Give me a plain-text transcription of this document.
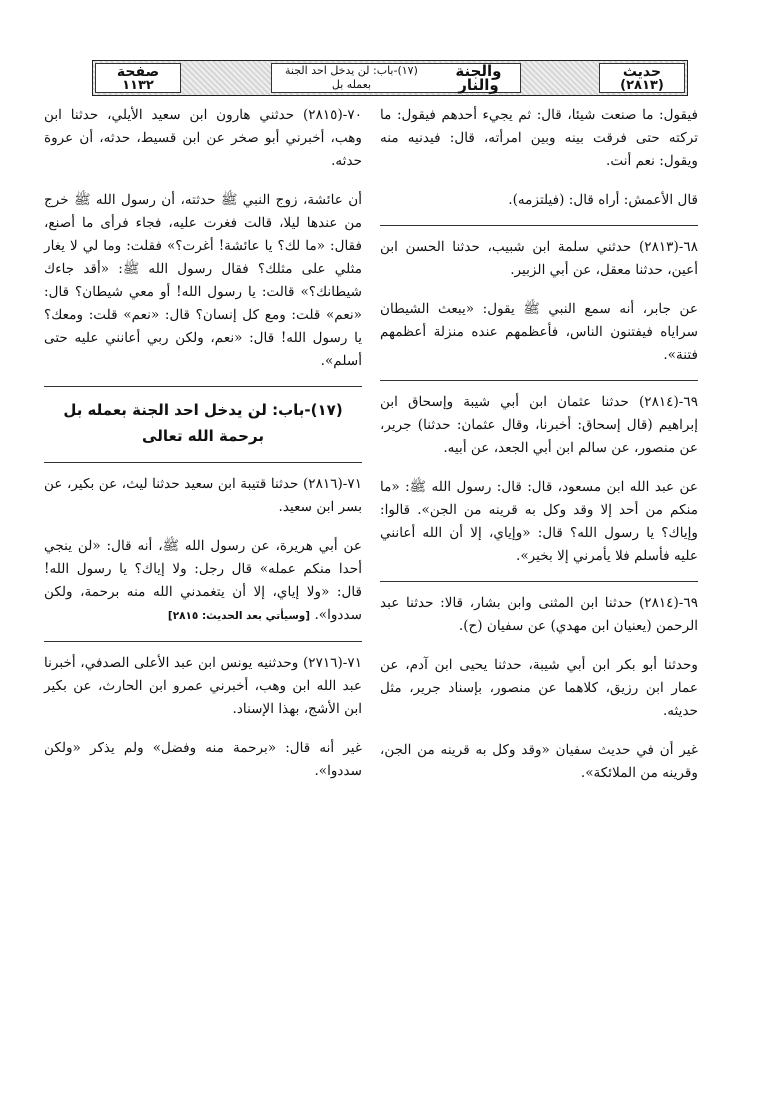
حديث
(٢٨١٣)
والجنة والنار
(١٧)-باب: لن يدخل احد الجنة بعمله بل
صفحة
١١٣٢

فيقول: ما صنعت شيئا، قال: ثم يجيء أحدهم فيقول: ما تركته حتى فرقت بينه وبين امرأته، قال: فيدنيه منه ويقول: نعم أنت.

قال الأعمش: أراه قال: (فيلتزمه).

٦٨-(٢٨١٣) حدثني سلمة ابن شبيب، حدثنا الحسن ابن أعين، حدثنا معقل، عن أبي الزبير.

عن جابر، أنه سمع النبي ﷺ يقول: «يبعث الشيطان سراياه فيفتنون الناس، فأعظمهم عنده منزلة أعظمهم فتنة».

٦٩-(٢٨١٤) حدثنا عثمان ابن أبي شيبة وإسحاق ابن إبراهيم (قال إسحاق: أخبرنا، وقال عثمان: حدثنا) جرير، عن منصور، عن سالم ابن أبي الجعد، عن أبيه.

عن عبد الله ابن مسعود، قال: قال: رسول الله ﷺ: «ما منكم من أحد إلا وقد وكل به قرينه من الجن». قالوا: وإياك؟ يا رسول الله؟ قال: «وإياي، إلا أن الله أعانني عليه فأسلم فلا يأمرني إلا بخير».

٦٩-(٢٨١٤) حدثنا ابن المثنى وابن بشار، قالا: حدثنا عبد الرحمن (يعنيان ابن مهدي) عن سفيان (ح).

وحدثنا أبو بكر ابن أبي شيبة، حدثنا يحيى ابن آدم، عن عمار ابن رزيق، كلاهما عن منصور، بإسناد جرير، مثل حديثه.

غير أن في حديث سفيان «وقد وكل به قرينه من الجن، وقرينه من الملائكة».

٧٠-(٢٨١٥) حدثني هارون ابن سعيد الأيلي، حدثنا ابن وهب، أخبرني أبو صخر عن ابن قسيط، حدثه، أن عروة حدثه.

أن عائشة، زوج النبي ﷺ حدثته، أن رسول الله ﷺ خرج من عندها ليلا، قالت فغرت عليه، فجاء فرأى ما أصنع، فقال: «ما لك؟ يا عائشة! أغرت؟» فقلت: وما لي لا يغار مثلي على مثلك؟ فقال رسول الله ﷺ: «أقد جاءك شيطانك؟» قالت: يا رسول الله! أو معي شيطان؟ قال: «نعم» قلت: ومع كل إنسان؟ قال: «نعم» قلت: ومعك؟ يا رسول الله! قال: «نعم، ولكن ربي أعانني عليه حتى أسلم».

(١٧)-باب: لن يدخل احد الجنة بعمله بل برحمة الله تعالى

٧١-(٢٨١٦) حدثنا قتيبة ابن سعيد حدثنا ليث، عن بكير، عن بسر ابن سعيد.

عن أبي هريرة، عن رسول الله ﷺ، أنه قال: «لن ينجي أحدا منكم عمله» قال رجل: ولا إياك؟ يا رسول الله! قال: «ولا إياي، إلا أن يتغمدني الله منه برحمة، ولكن سددوا». [وسيأتي بعد الحديث: ٢٨١٥]

٧١-(٢٧١٦) وحدثنيه يونس ابن عبد الأعلى الصدفي، أخبرنا عبد الله ابن وهب، أخبرني عمرو ابن الحارث، عن بكير ابن الأشج، بهذا الإسناد.

غير أنه قال: «برحمة منه وفضل» ولم يذكر «ولكن سددوا».
